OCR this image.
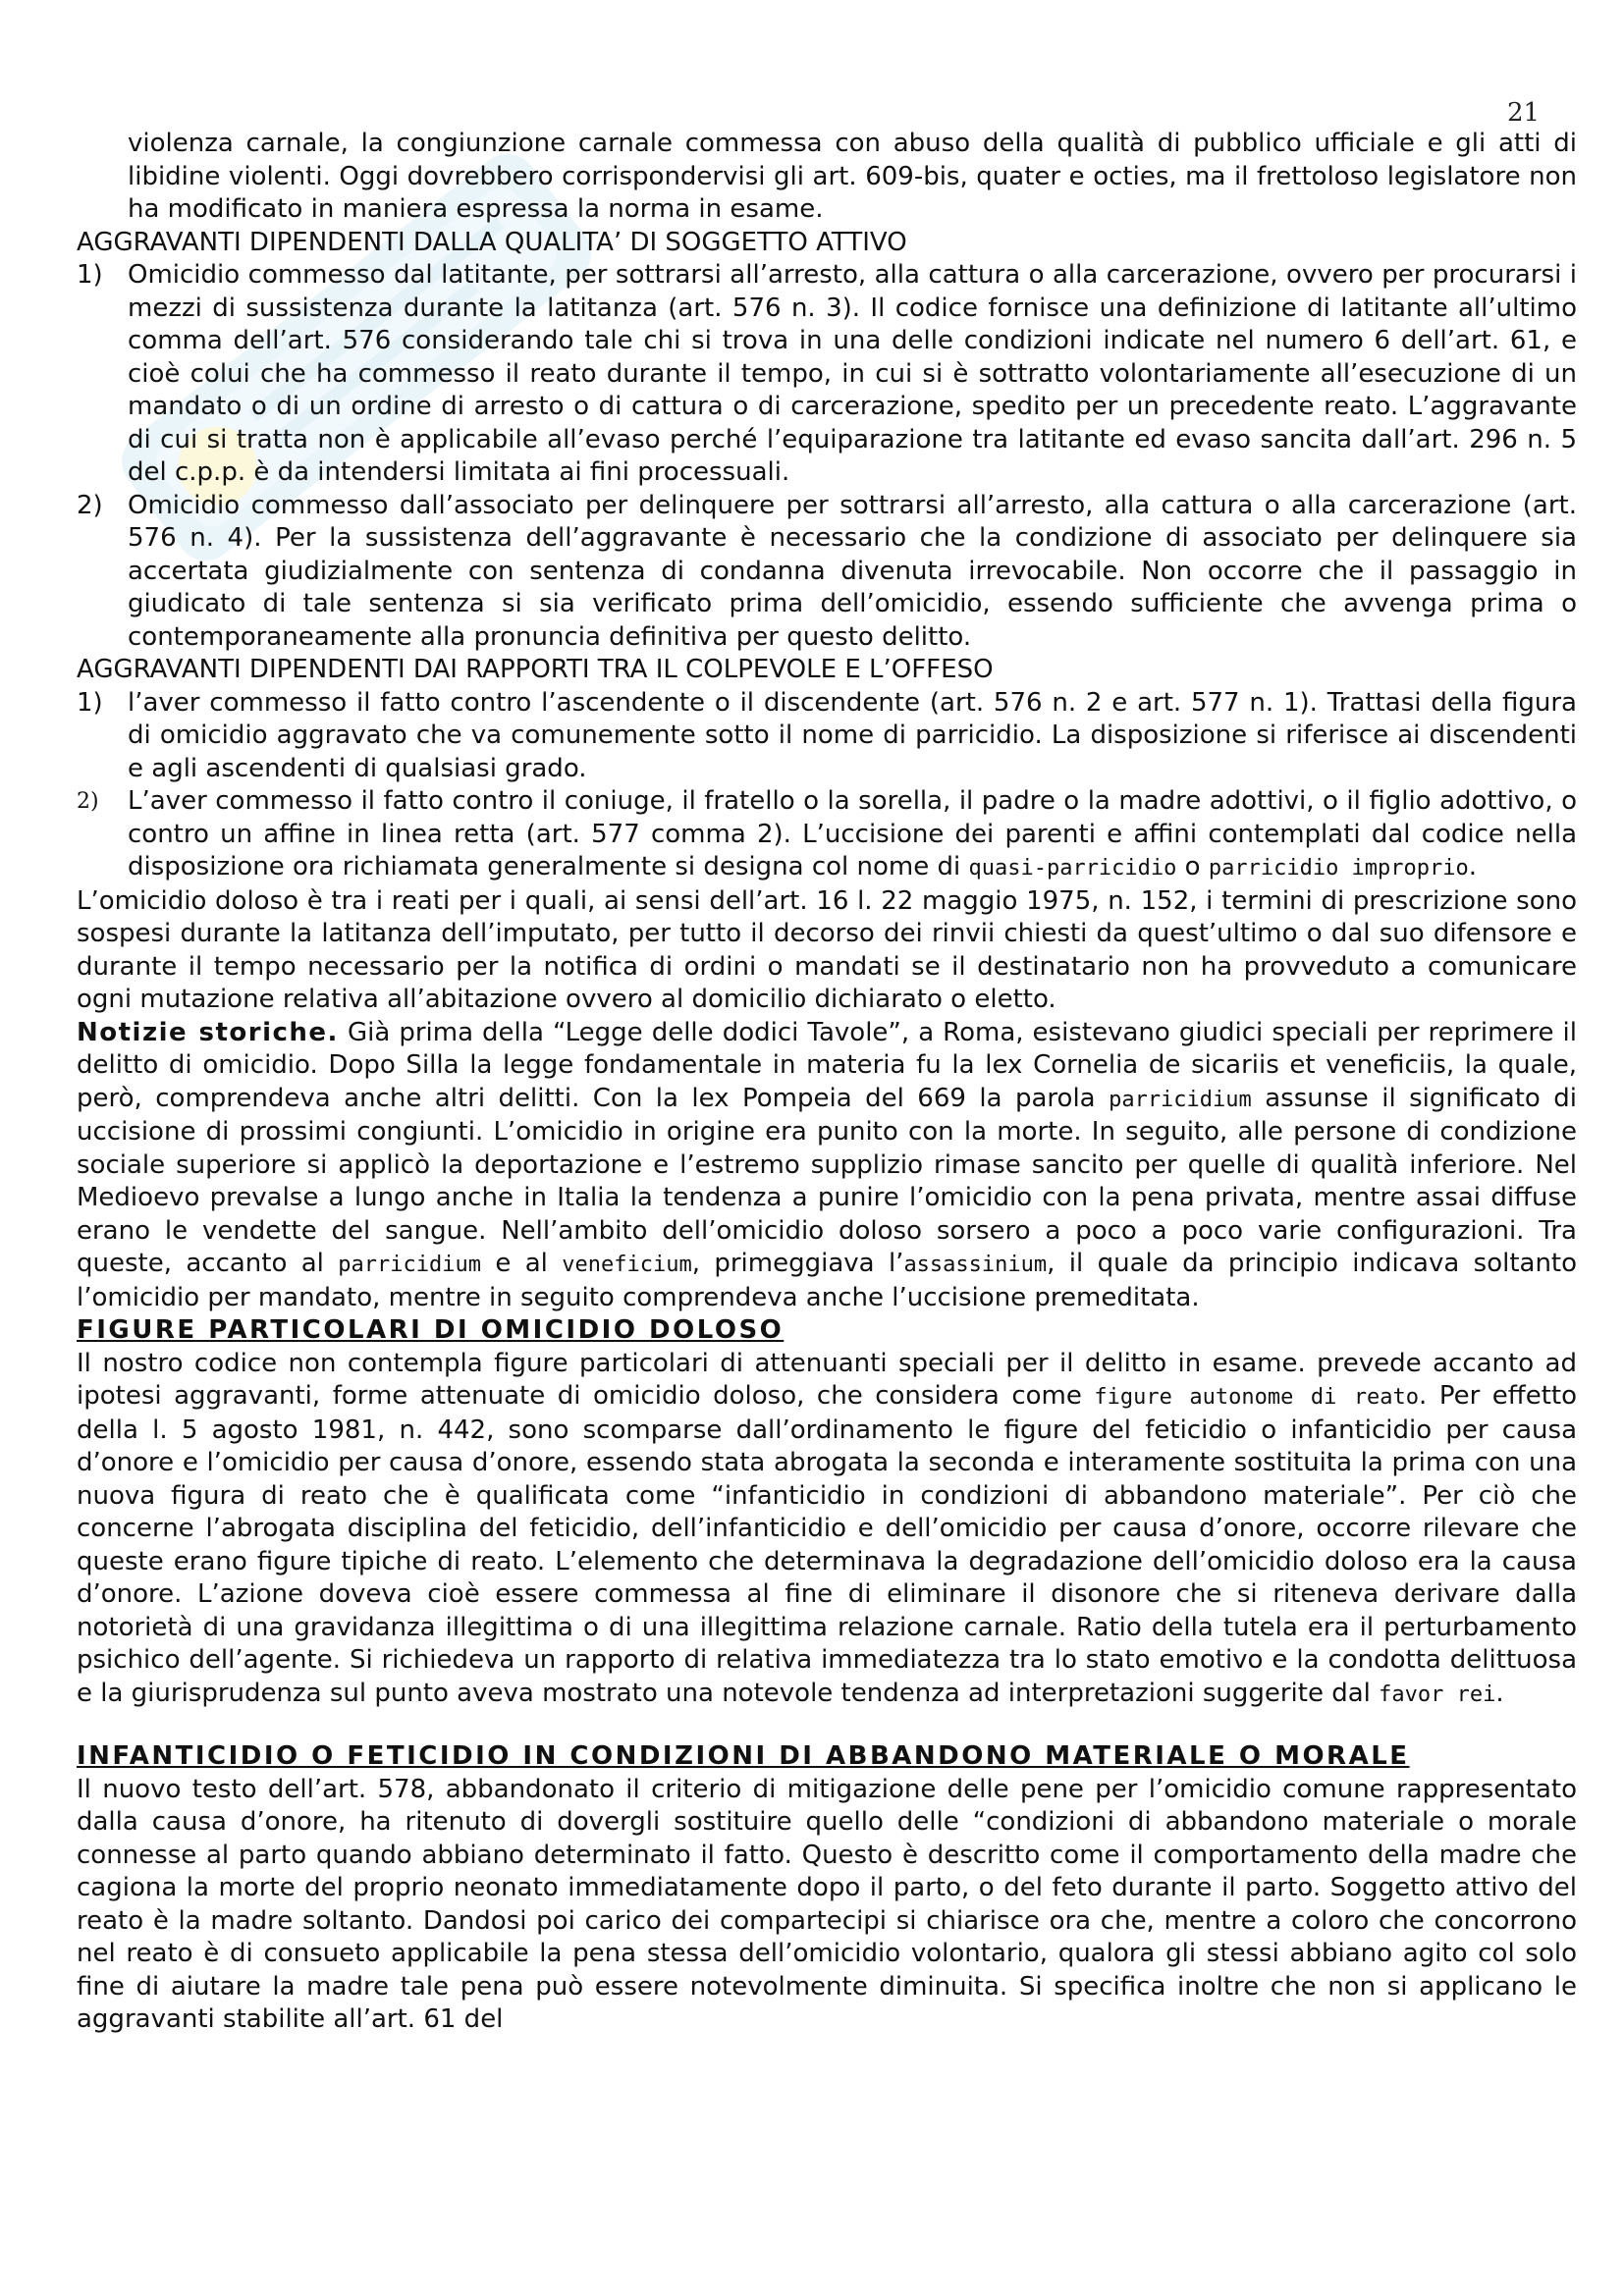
21

violenza carnale, la congiunzione carnale commessa con abuso della qualità di pubblico ufficiale e gli atti di libidine violenti. Oggi dovrebbero corrispondervisi gli art. 609-bis, quater e octies, ma il frettoloso legislatore non ha modificato in maniera espressa la norma in esame.

AGGRAVANTI DIPENDENTI DALLA QUALITA’ DI SOGGETTO ATTIVO

1) Omicidio commesso dal latitante, per sottrarsi all’arresto, alla cattura o alla carcerazione, ovvero per procurarsi i mezzi di sussistenza durante la latitanza (art. 576 n. 3). Il codice fornisce una definizione di latitante all’ultimo comma dell’art. 576 considerando tale chi si trova in una delle condizioni indicate nel numero 6 dell’art. 61, e cioè colui che ha commesso il reato durante il tempo, in cui si è sottratto volontariamente all’esecuzione di un mandato o di un ordine di arresto o di cattura o di carcerazione, spedito per un precedente reato. L’aggravante di cui si tratta non è applicabile all’evaso perché l’equiparazione tra latitante ed evaso sancita dall’art. 296 n. 5 del c.p.p. è da intendersi limitata ai fini processuali.
2) Omicidio commesso dall’associato per delinquere per sottrarsi all’arresto, alla cattura o alla carcerazione (art. 576 n. 4). Per la sussistenza dell’aggravante è necessario che la condizione di associato per delinquere sia accertata giudizialmente con sentenza di condanna divenuta irrevocabile. Non occorre che il passaggio in giudicato di tale sentenza si sia verificato prima dell’omicidio, essendo sufficiente che avvenga prima o contemporaneamente alla pronuncia definitiva per questo delitto.

AGGRAVANTI DIPENDENTI DAI RAPPORTI TRA IL COLPEVOLE E L’OFFESO

1) l’aver commesso il fatto contro l’ascendente o il discendente (art. 576 n. 2 e art. 577 n. 1). Trattasi della figura di omicidio aggravato che va comunemente sotto il nome di parricidio. La disposizione si riferisce ai discendenti e agli ascendenti di qualsiasi grado.
2) L’aver commesso il fatto contro il coniuge, il fratello o la sorella, il padre o la madre adottivi, o il figlio adottivo, o contro un affine in linea retta (art. 577 comma 2). L’uccisione dei parenti e affini contemplati dal codice nella disposizione ora richiamata generalmente si designa col nome di quasi-parricidio o parricidio improprio.

L’omicidio doloso è tra i reati per i quali, ai sensi dell’art. 16 l. 22 maggio 1975, n. 152, i termini di prescrizione sono sospesi durante la latitanza dell’imputato, per tutto il decorso dei rinvii chiesti da quest’ultimo o dal suo difensore e durante il tempo necessario per la notifica di ordini o mandati se il destinatario non ha provveduto a comunicare ogni mutazione relativa all’abitazione ovvero al domicilio dichiarato o eletto.

Notizie storiche. Già prima della “Legge delle dodici Tavole”, a Roma, esistevano giudici speciali per reprimere il delitto di omicidio. Dopo Silla la legge fondamentale in materia fu la lex Cornelia de sicariis et veneficiis, la quale, però, comprendeva anche altri delitti. Con la lex Pompeia del 669 la parola parricidium assunse il significato di uccisione di prossimi congiunti. L’omicidio in origine era punito con la morte. In seguito, alle persone di condizione sociale superiore si applicò la deportazione e l’estremo supplizio rimase sancito per quelle di qualità inferiore. Nel Medioevo prevalse a lungo anche in Italia la tendenza a punire l’omicidio con la pena privata, mentre assai diffuse erano le vendette del sangue. Nell’ambito dell’omicidio doloso sorsero a poco a poco varie configurazioni. Tra queste, accanto al parricidium e al veneficium, primeggiava l’assassinium, il quale da principio indicava soltanto l’omicidio per mandato, mentre in seguito comprendeva anche l’uccisione premeditata.

FIGURE PARTICOLARI DI OMICIDIO DOLOSO

Il nostro codice non contempla figure particolari di attenuanti speciali per il delitto in esame. prevede accanto ad ipotesi aggravanti, forme attenuate di omicidio doloso, che considera come figure autonome di reato. Per effetto della l. 5 agosto 1981, n. 442, sono scomparse dall’ordinamento le figure del feticidio o infanticidio per causa d’onore e l’omicidio per causa d’onore, essendo stata abrogata la seconda e interamente sostituita la prima con una nuova figura di reato che è qualificata come “infanticidio in condizioni di abbandono materiale”. Per ciò che concerne l’abrogata disciplina del feticidio, dell’infanticidio e dell’omicidio per causa d’onore, occorre rilevare che queste erano figure tipiche di reato. L’elemento che determinava la degradazione dell’omicidio doloso era la causa d’onore. L’azione doveva cioè essere commessa al fine di eliminare il disonore che si riteneva derivare dalla notorietà di una gravidanza illegittima o di una illegittima relazione carnale. Ratio della tutela era il perturbamento psichico dell’agente. Si richiedeva un rapporto di relativa immediatezza tra lo stato emotivo e la condotta delittuosa e la giurisprudenza sul punto aveva mostrato una notevole tendenza ad interpretazioni suggerite dal favor rei.

INFANTICIDIO O FETICIDIO IN CONDIZIONI DI ABBANDONO MATERIALE O MORALE

Il nuovo testo dell’art. 578, abbandonato il criterio di mitigazione delle pene per l’omicidio comune rappresentato dalla causa d’onore, ha ritenuto di dovergli sostituire quello delle “condizioni di abbandono materiale o morale connesse al parto quando abbiano determinato il fatto. Questo è descritto come il comportamento della madre che cagiona la morte del proprio neonato immediatamente dopo il parto, o del feto durante il parto. Soggetto attivo del reato è la madre soltanto. Dandosi poi carico dei compartecipi si chiarisce ora che, mentre a coloro che concorrono nel reato è di consueto applicabile la pena stessa dell’omicidio volontario, qualora gli stessi abbiano agito col solo fine di aiutare la madre tale pena può essere notevolmente diminuita. Si specifica inoltre che non si applicano le aggravanti stabilite all’art. 61 del
